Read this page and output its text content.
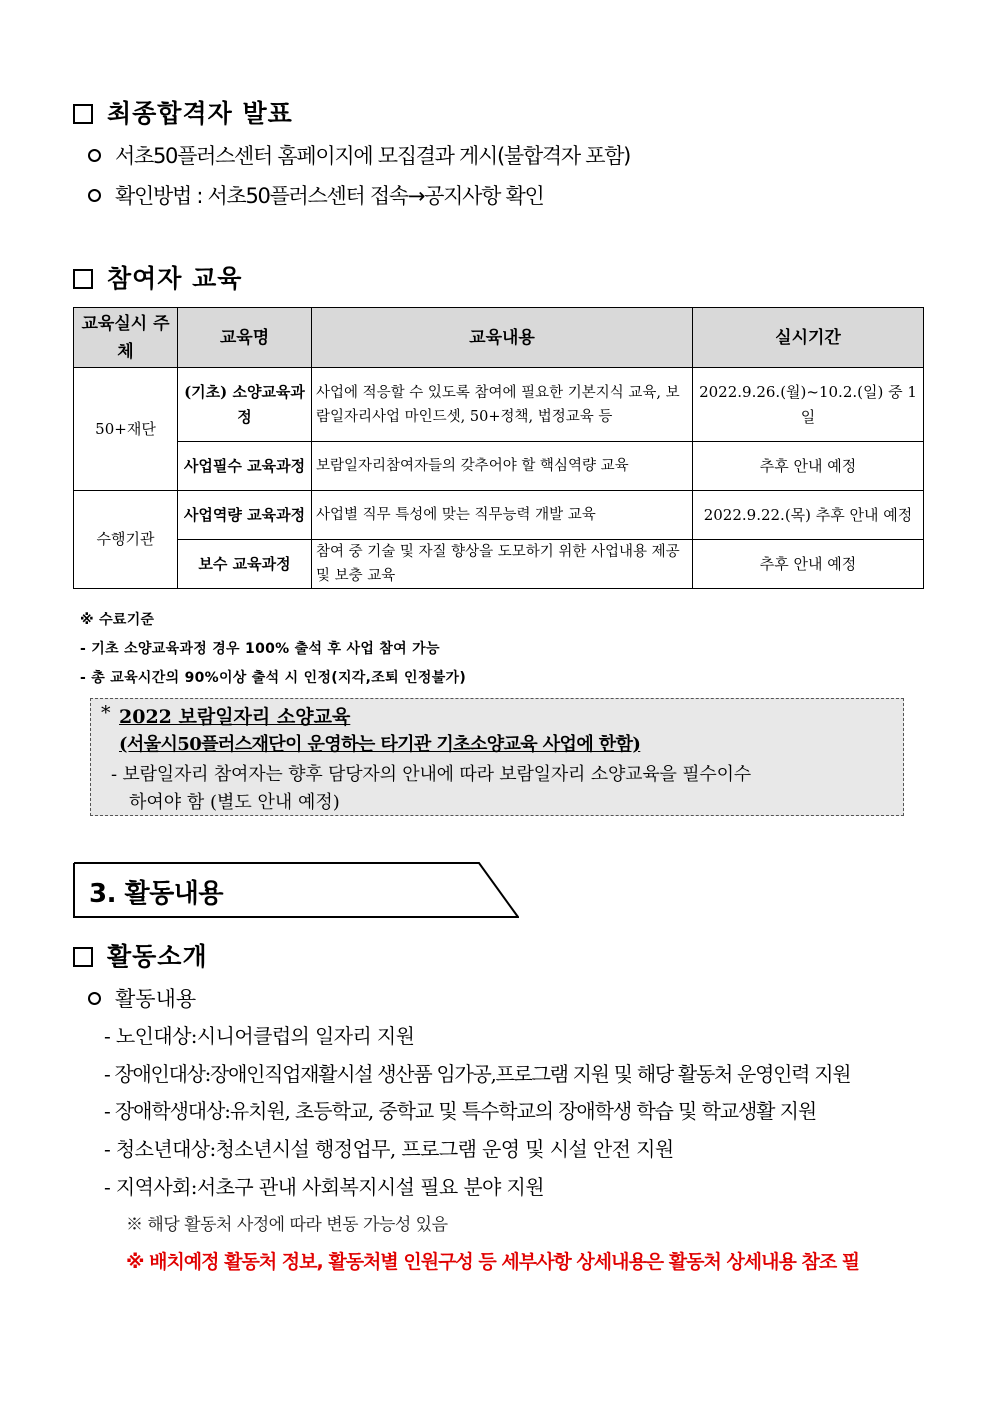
최종합격자 발표
서초50플러스센터 홈페이지에 모집결과 게시(불합격자 포함)
확인방법 : 서초50플러스센터 접속→공지사항 확인
참여자 교육
교육실시 주체	교육명	교육내용	실시기간
50+재단	(기초) 소양교육과정	사업에 적응할 수 있도록 참여에 필요한 기본지식 교육, 보람일자리사업 마인드셋, 50+정책, 법정교육 등	2022.9.26.(월)~10.2.(일) 중 1일
	사업필수 교육과정	보람일자리참여자들의 갖추어야 할 핵심역량 교육	추후 안내 예정
수행기관	사업역량 교육과정	사업별 직무 특성에 맞는 직무능력 개발 교육	2022.9.22.(목) 추후 안내 예정
	보수 교육과정	참여 중 기술 및 자질 향상을 도모하기 위한 사업내용 제공 및 보충 교육	추후 안내 예정
※ 수료기준
- 기초 소양교육과정 경우 100% 출석 후 사업 참여 가능
- 총 교육시간의 90%이상 출석 시 인정(지각,조퇴 인정불가)
* 2022 보람일자리 소양교육
(서울시50플러스재단이 운영하는 타기관 기초소양교육 사업에 한함)
- 보람일자리 참여자는 향후 담당자의 안내에 따라 보람일자리 소양교육을 필수이수
하여야 함 (별도 안내 예정)
3. 활동내용
활동소개
활동내용
- 노인대상:시니어클럽의 일자리 지원
- 장애인대상:장애인직업재활시설 생산품 임가공,프로그램 지원 및 해당 활동처 운영인력 지원
- 장애학생대상:유치원, 초등학교, 중학교 및 특수학교의 장애학생 학습 및 학교생활 지원
- 청소년대상:청소년시설 행정업무, 프로그램 운영 및 시설 안전 지원
- 지역사회:서초구 관내 사회복지시설 필요 분야 지원
※ 해당 활동처 사정에 따라 변동 가능성 있음
※ 배치예정 활동처 정보, 활동처별 인원구성 등 세부사항 상세내용은 활동처 상세내용 참조 필
